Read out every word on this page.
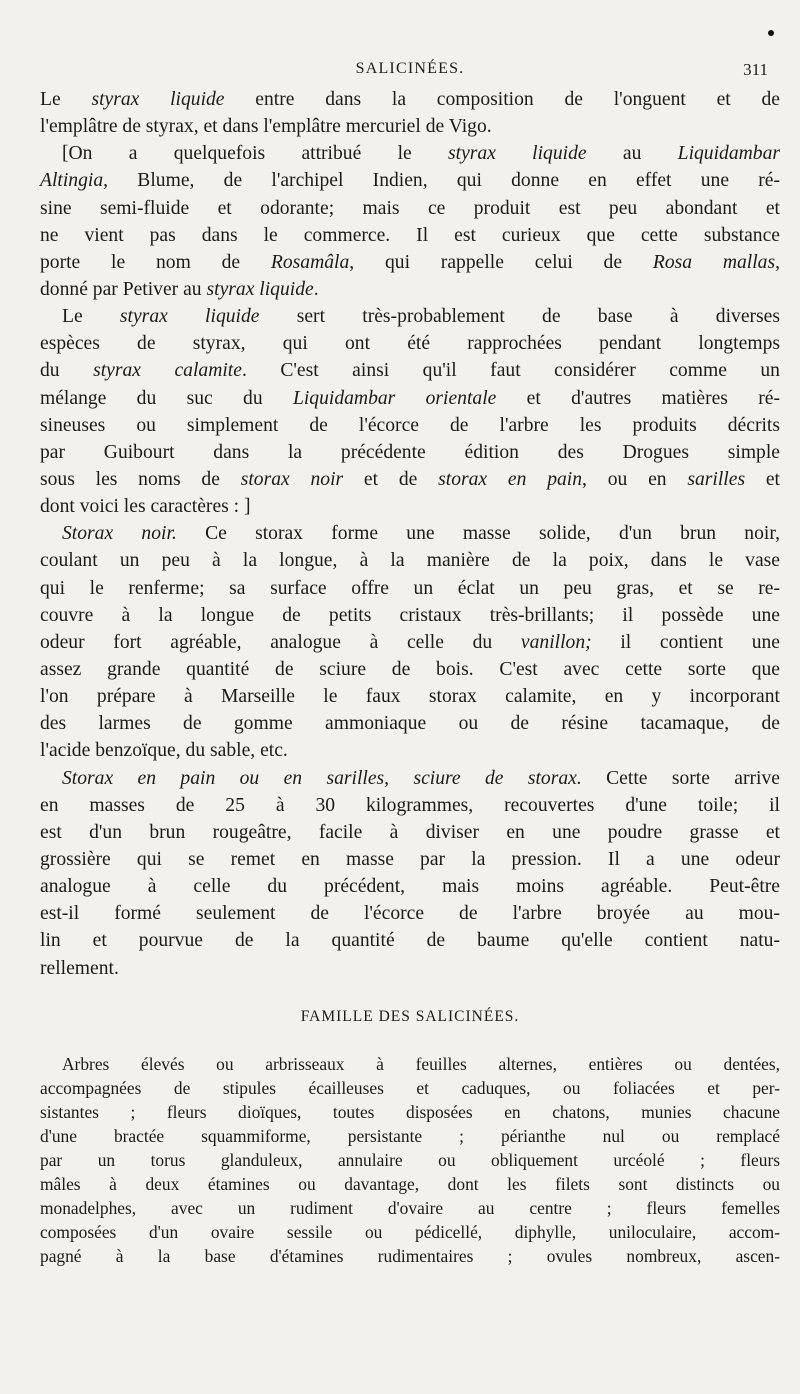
SALICINÉES.	311
Le styrax liquide entre dans la composition de l'onguent et de
l'emplâtre de styrax, et dans l'emplâtre mercuriel de Vigo.
[On a quelquefois attribué le styrax liquide au Liquidambar
Altingia, Blume, de l'archipel Indien, qui donne en effet une ré-
sine semi-fluide et odorante; mais ce produit est peu abondant et
ne vient pas dans le commerce. Il est curieux que cette substance
porte le nom de Rosamâla, qui rappelle celui de Rosa mallas,
donné par Petiver au styrax liquide.
Le styrax liquide sert très-probablement de base à diverses
espèces de styrax, qui ont été rapprochées pendant longtemps
du styrax calamite. C'est ainsi qu'il faut considérer comme un
mélange du suc du Liquidambar orientale et d'autres matières ré-
sineuses ou simplement de l'écorce de l'arbre les produits décrits
par Guibourt dans la précédente édition des Drogues simple
sous les noms de storax noir et de storax en pain, ou en sarilles et
dont voici les caractères : ]
Storax noir. Ce storax forme une masse solide, d'un brun noir,
coulant un peu à la longue, à la manière de la poix, dans le vase
qui le renferme; sa surface offre un éclat un peu gras, et se re-
couvre à la longue de petits cristaux très-brillants; il possède une
odeur fort agréable, analogue à celle du vanillon; il contient une
assez grande quantité de sciure de bois. C'est avec cette sorte que
l'on prépare à Marseille le faux storax calamite, en y incorporant
des larmes de gomme ammoniaque ou de résine tacamaque, de
l'acide benzoïque, du sable, etc.
Storax en pain ou en sarilles, sciure de storax. Cette sorte arrive
en masses de 25 à 30 kilogrammes, recouvertes d'une toile; il
est d'un brun rougeâtre, facile à diviser en une poudre grasse et
grossière qui se remet en masse par la pression. Il a une odeur
analogue à celle du précédent, mais moins agréable. Peut-être
est-il formé seulement de l'écorce de l'arbre broyée au mou-
lin et pourvue de la quantité de baume qu'elle contient natu-
rellement.
FAMILLE DES SALICINÉES.
Arbres élevés ou arbrisseaux à feuilles alternes, entières ou dentées,
accompagnées de stipules écailleuses et caduques, ou foliacées et per-
sistantes ; fleurs dioïques, toutes disposées en chatons, munies chacune
d'une bractée squammiforme, persistante ; périanthe nul ou remplacé
par un torus glanduleux, annulaire ou obliquement urcéolé ; fleurs
mâles à deux étamines ou davantage, dont les filets sont distincts ou
monadelphes, avec un rudiment d'ovaire au centre ; fleurs femelles
composées d'un ovaire sessile ou pédicellé, diphylle, uniloculaire, accom-
pagné à la base d'étamines rudimentaires ; ovules nombreux, ascen-
